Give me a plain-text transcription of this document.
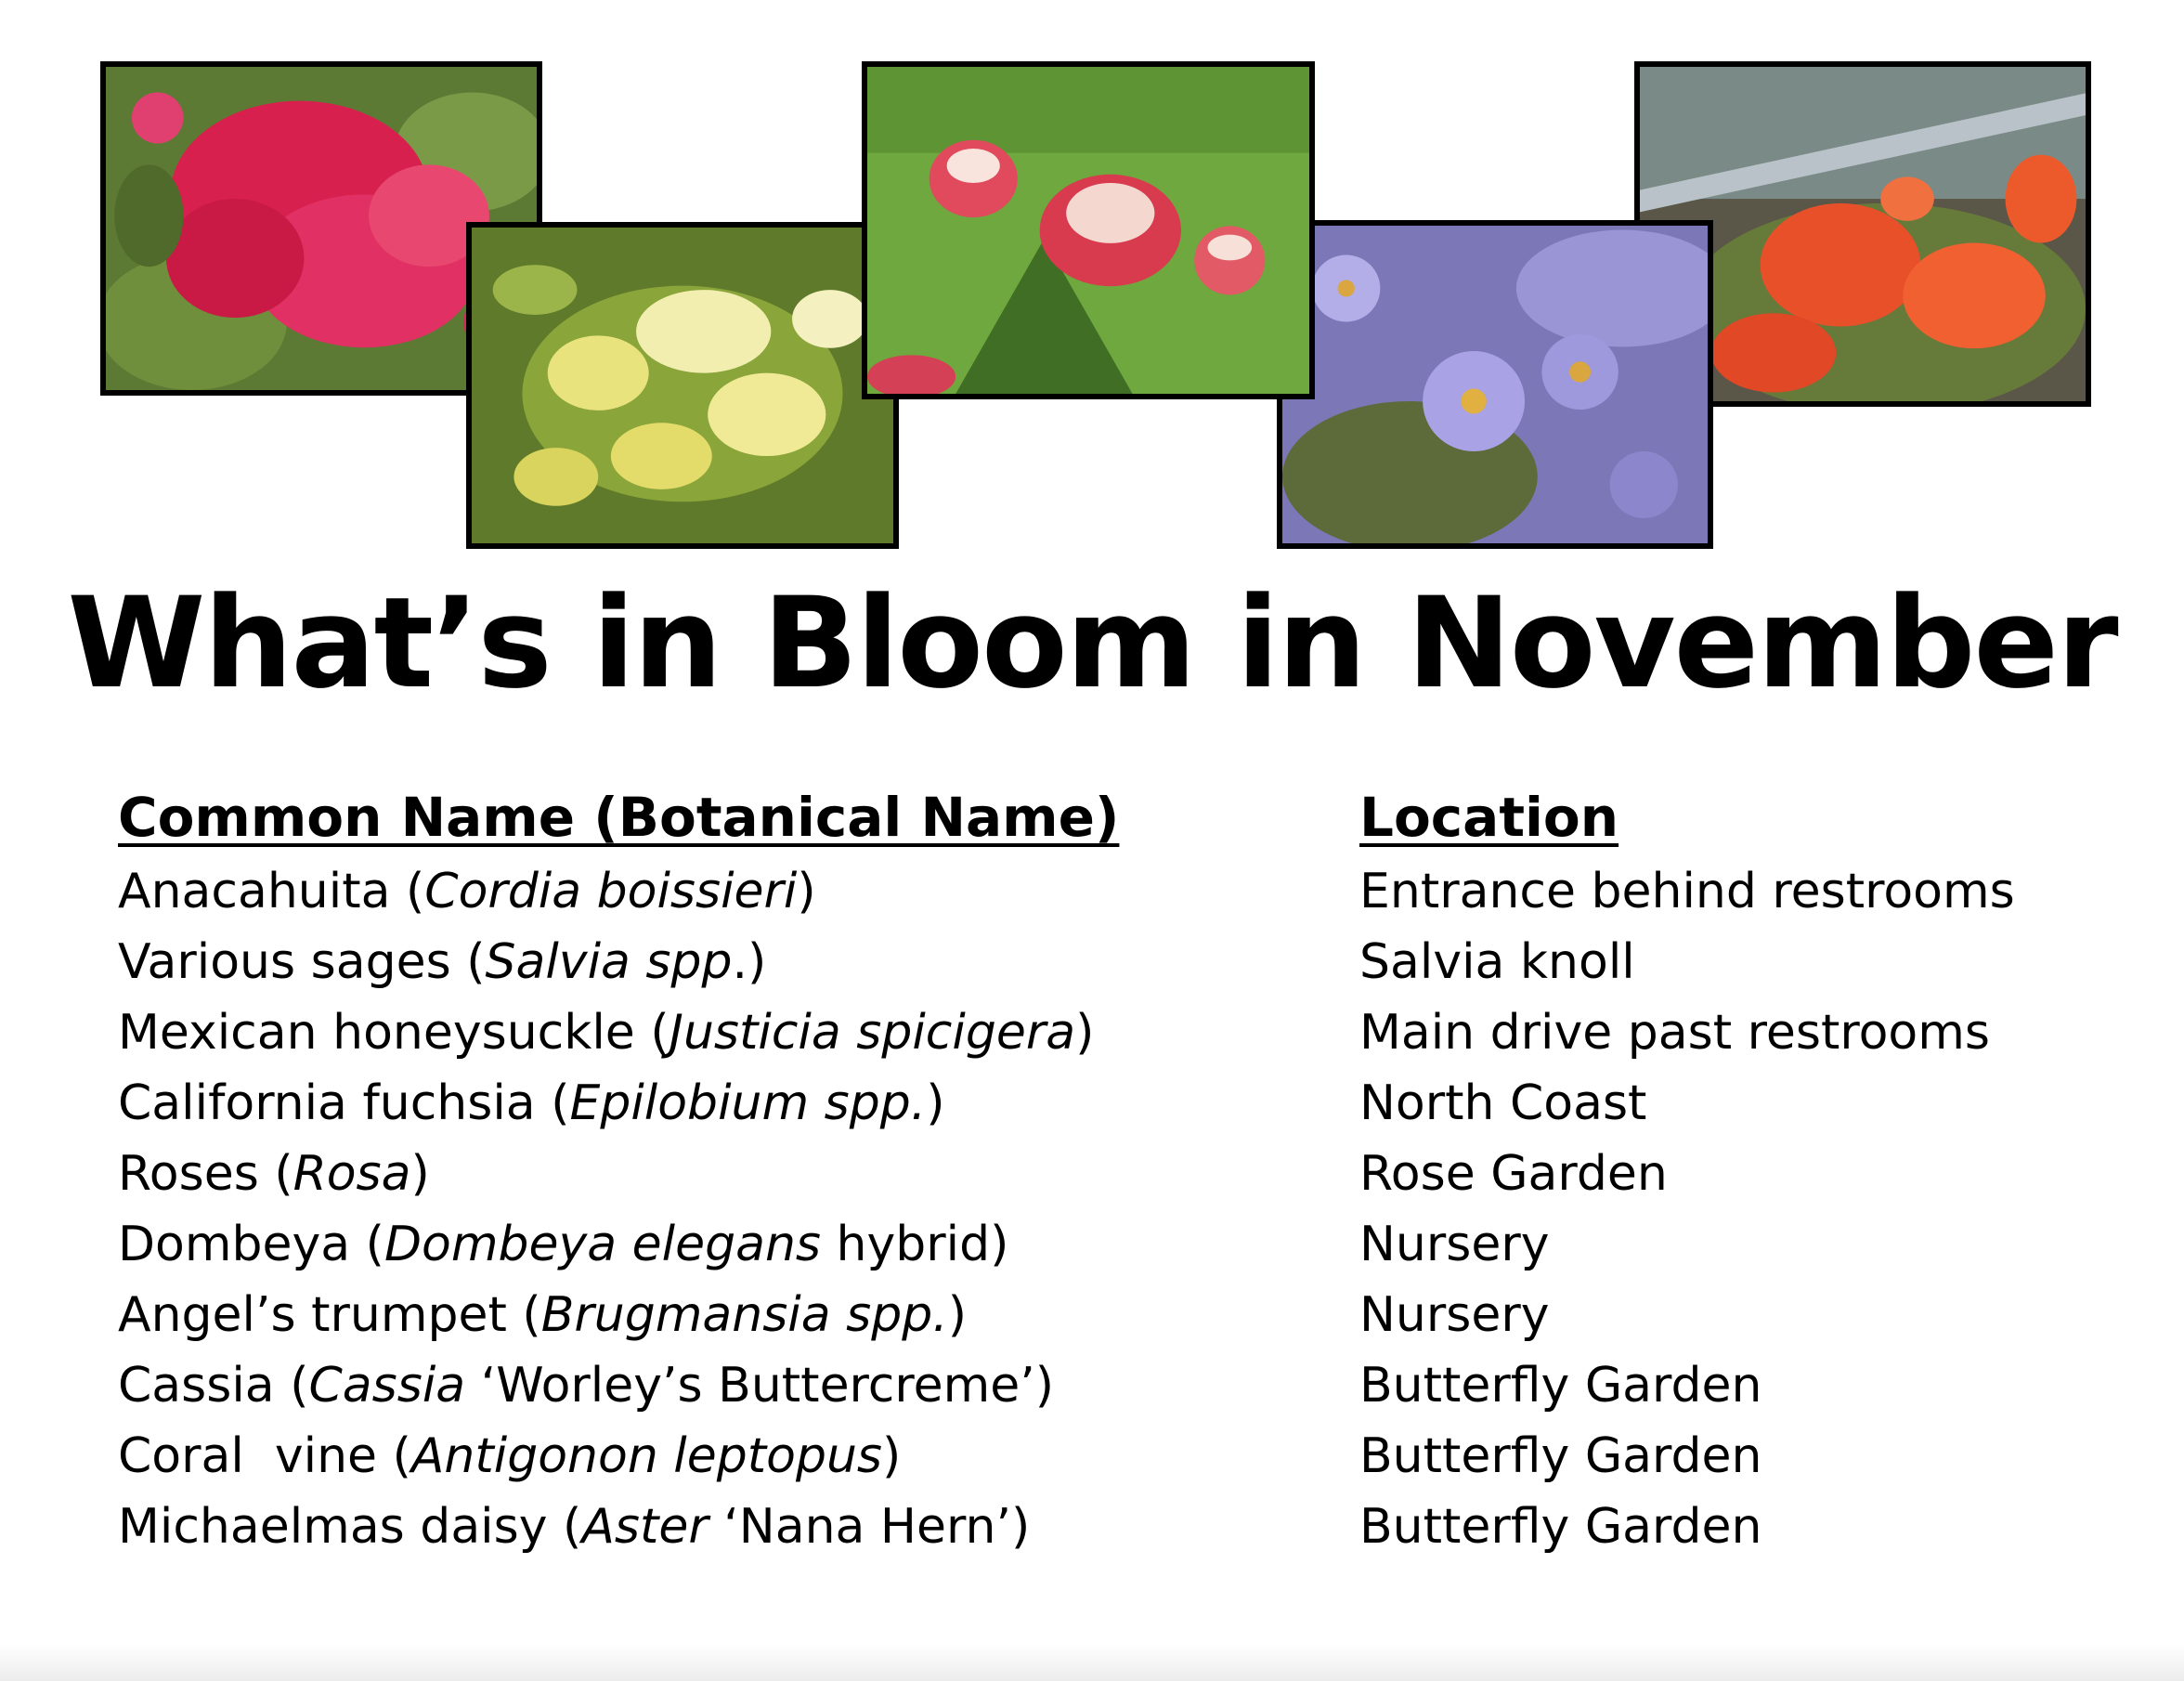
What’s in Bloom in November
Common Name (Botanical Name)
Anacahuita (Cordia boissieri)
Various sages (Salvia spp.)
Mexican honeysuckle (Justicia spicigera)
California fuchsia (Epilobium spp.)
Roses (Rosa)
Dombeya (Dombeya elegans hybrid)
Angel’s trumpet (Brugmansia spp.)
Cassia (Cassia ‘Worley’s Buttercreme’)
Coral  vine (Antigonon leptopus)
Michaelmas daisy (Aster ‘Nana Hern’)
Location
Entrance behind restrooms
Salvia knoll
Main drive past restrooms
North Coast
Rose Garden
Nursery
Nursery
Butterfly Garden
Butterfly Garden
Butterfly Garden
